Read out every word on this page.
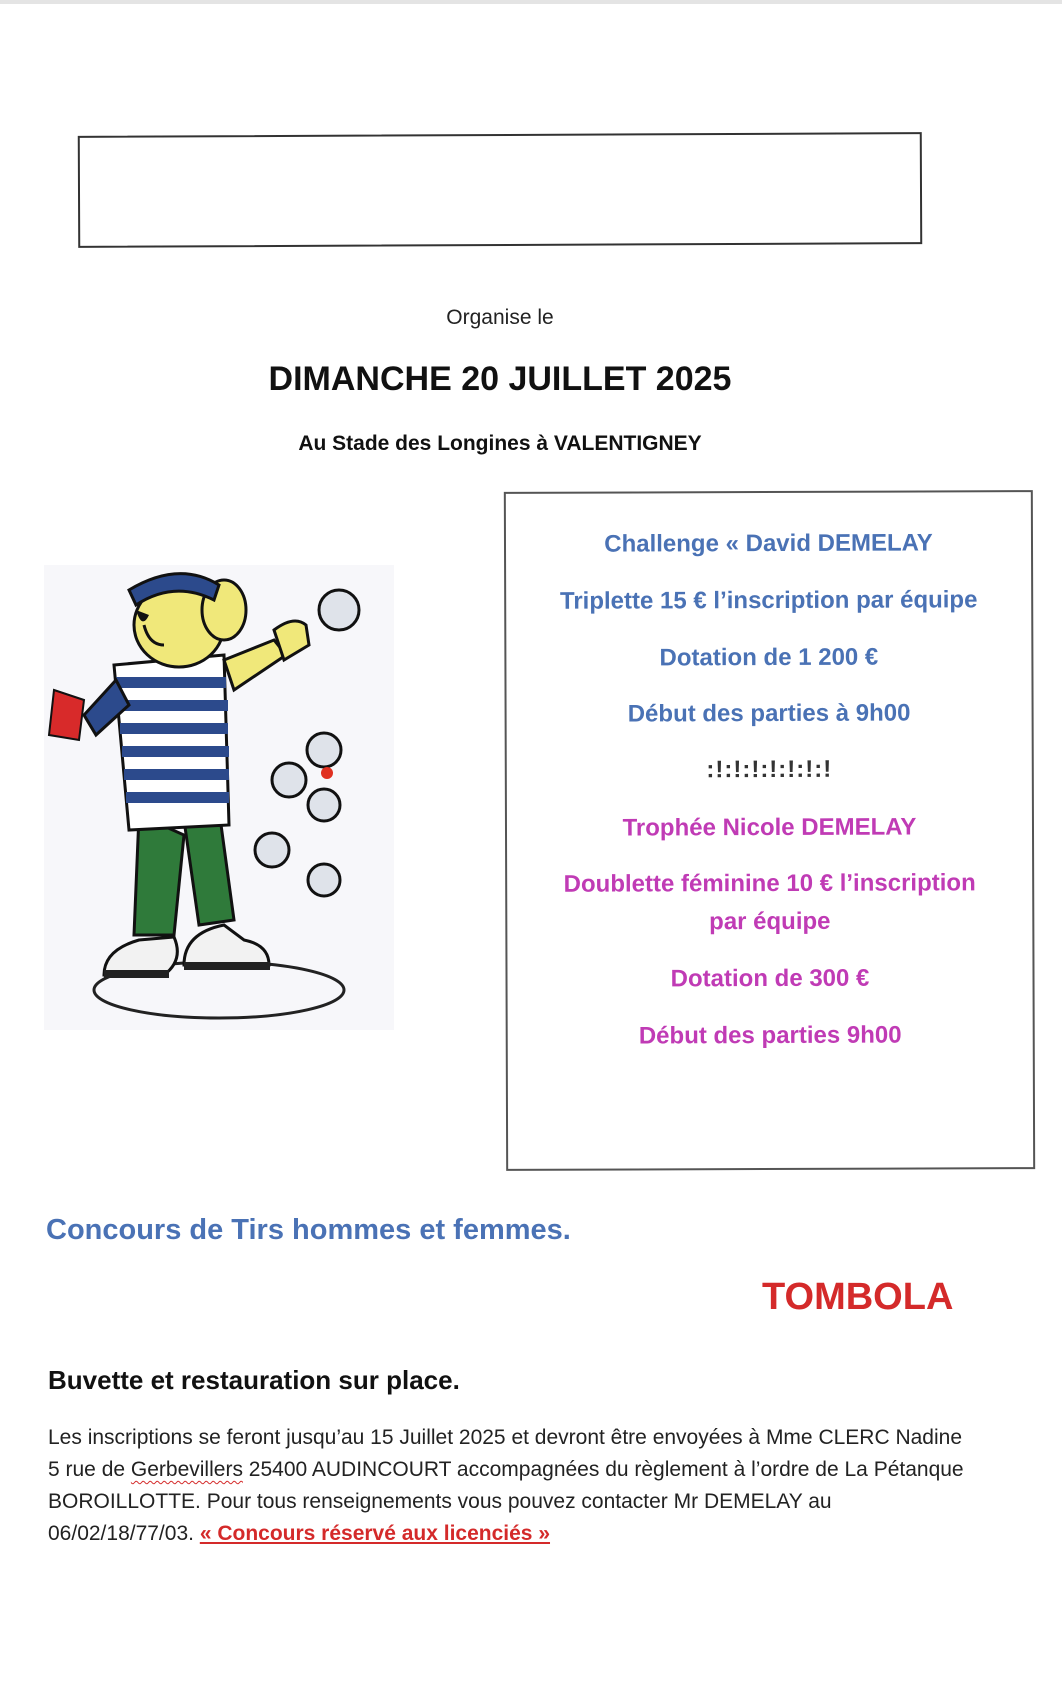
Organise le
DIMANCHE 20 JUILLET 2025
Au Stade des Longines à VALENTIGNEY
Challenge « David DEMELAY
Triplette 15 € l’inscription par équipe
Dotation de 1 200 €
Début des parties à 9h00
:!:!:!:!:!:!:!
Trophée Nicole DEMELAY
Doublette féminine 10 € l’inscription
par équipe
Dotation de 300 €
Début des parties 9h00
Concours de Tirs hommes et femmes.
TOMBOLA
Buvette et restauration sur place.
Les inscriptions se feront jusqu’au 15 Juillet 2025 et devront être envoyées à Mme CLERC Nadine 5 rue de Gerbevillers 25400 AUDINCOURT accompagnées du règlement à l’ordre de La Pétanque BOROILLOTTE. Pour tous renseignements vous pouvez contacter Mr DEMELAY au 06/02/18/77/03. « Concours réservé aux licenciés »
